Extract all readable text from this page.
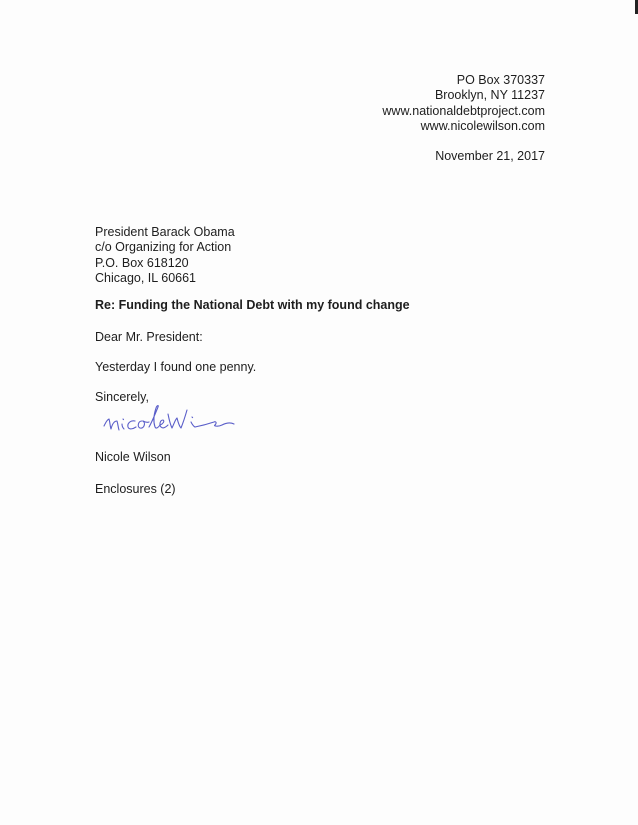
PO Box 370337
Brooklyn, NY 11237
www.nationaldebtproject.com
www.nicolewilson.com
November 21, 2017
President Barack Obama
c/o Organizing for Action
P.O. Box 618120
Chicago, IL 60661
Re: Funding the National Debt with my found change
Dear Mr. President:
Yesterday I found one penny.
Sincerely,
Nicole Wilson
Enclosures (2)
